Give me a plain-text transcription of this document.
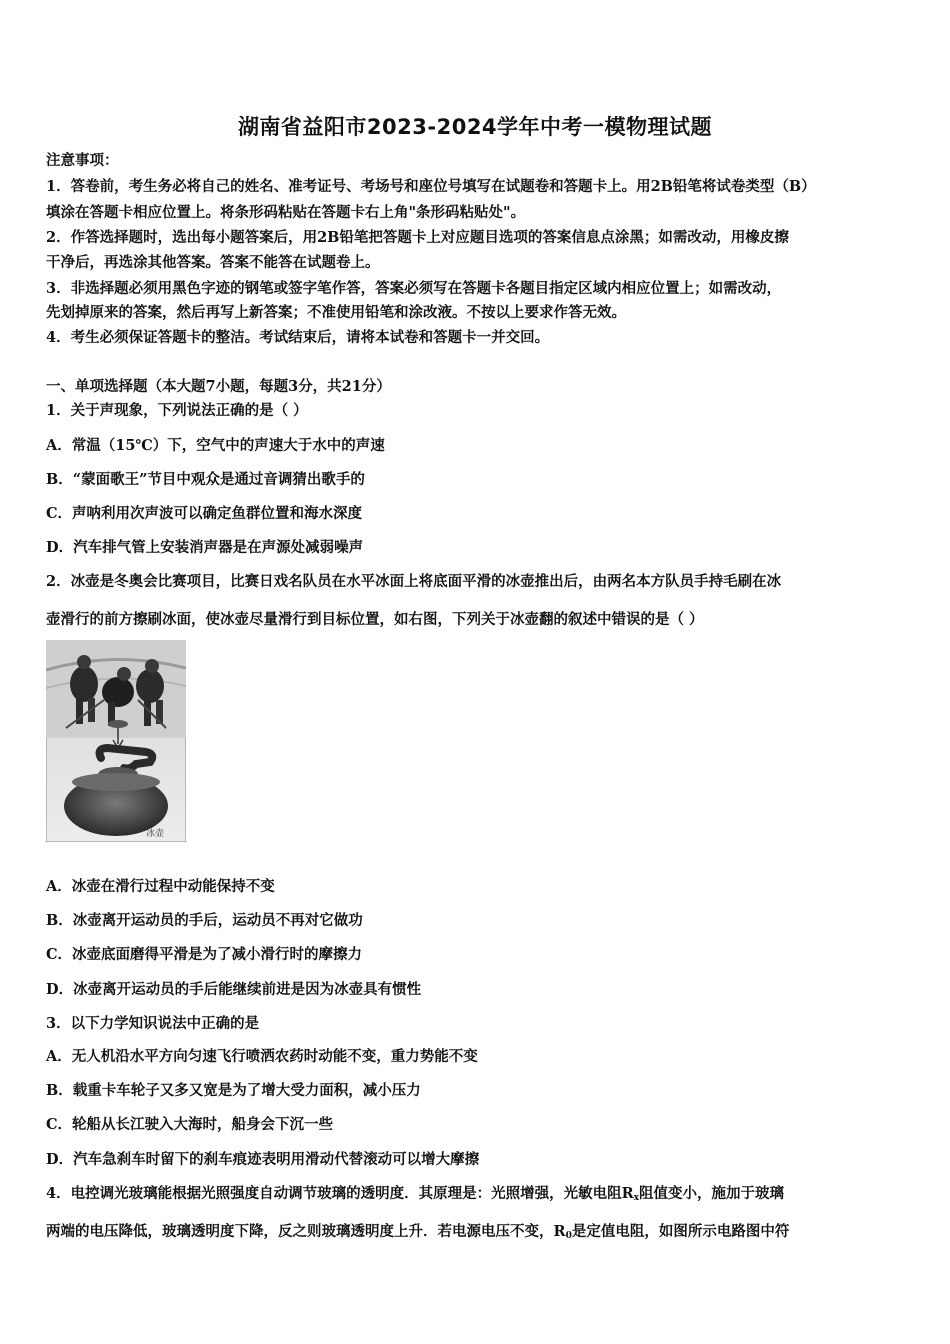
湖南省益阳市2023-2024学年中考一模物理试题
注意事项：
1．答卷前，考生务必将自己的姓名、准考证号、考场号和座位号填写在试题卷和答题卡上。用2B铅笔将试卷类型（B）
填涂在答题卡相应位置上。将条形码粘贴在答题卡右上角"条形码粘贴处"。
2．作答选择题时，选出每小题答案后，用2B铅笔把答题卡上对应题目选项的答案信息点涂黑；如需改动，用橡皮擦
干净后，再选涂其他答案。答案不能答在试题卷上。
3．非选择题必须用黑色字迹的钢笔或签字笔作答，答案必须写在答题卡各题目指定区域内相应位置上；如需改动，
先划掉原来的答案，然后再写上新答案；不准使用铅笔和涂改液。不按以上要求作答无效。
4．考生必须保证答题卡的整洁。考试结束后，请将本试卷和答题卡一并交回。
一、单项选择题（本大题7小题，每题3分，共21分）
1．关于声现象，下列说法正确的是（ ）
A．常温（15℃）下，空气中的声速大于水中的声速
B．“蒙面歌王”节目中观众是通过音调猜出歌手的
C．声呐利用次声波可以确定鱼群位置和海水深度
D．汽车排气管上安装消声器是在声源处减弱噪声
2．冰壶是冬奥会比赛项目，比赛日戏名队员在水平冰面上将底面平滑的冰壶推出后，由两名本方队员手持毛刷在冰
壶滑行的前方擦刷冰面，使冰壶尽量滑行到目标位置，如右图，下列关于冰壶翻的叙述中错误的是（ ）
冰壶
A．冰壶在滑行过程中动能保持不变
B．冰壶离开运动员的手后，运动员不再对它做功
C．冰壶底面磨得平滑是为了减小滑行时的摩擦力
D．冰壶离开运动员的手后能继续前进是因为冰壶具有惯性
3．以下力学知识说法中正确的是
A．无人机沿水平方向匀速飞行喷洒农药时动能不变，重力势能不变
B．载重卡车轮子又多又宽是为了增大受力面积，减小压力
C．轮船从长江驶入大海时，船身会下沉一些
D．汽车急刹车时留下的刹车痕迹表明用滑动代替滚动可以增大摩擦
4．电控调光玻璃能根据光照强度自动调节玻璃的透明度．其原理是：光照增强，光敏电阻$R_x$阻值变小，施加于玻璃
两端的电压降低，玻璃透明度下降，反之则玻璃透明度上升．若电源电压不变，$R_0$是定值电阻，如图所示电路图中符
